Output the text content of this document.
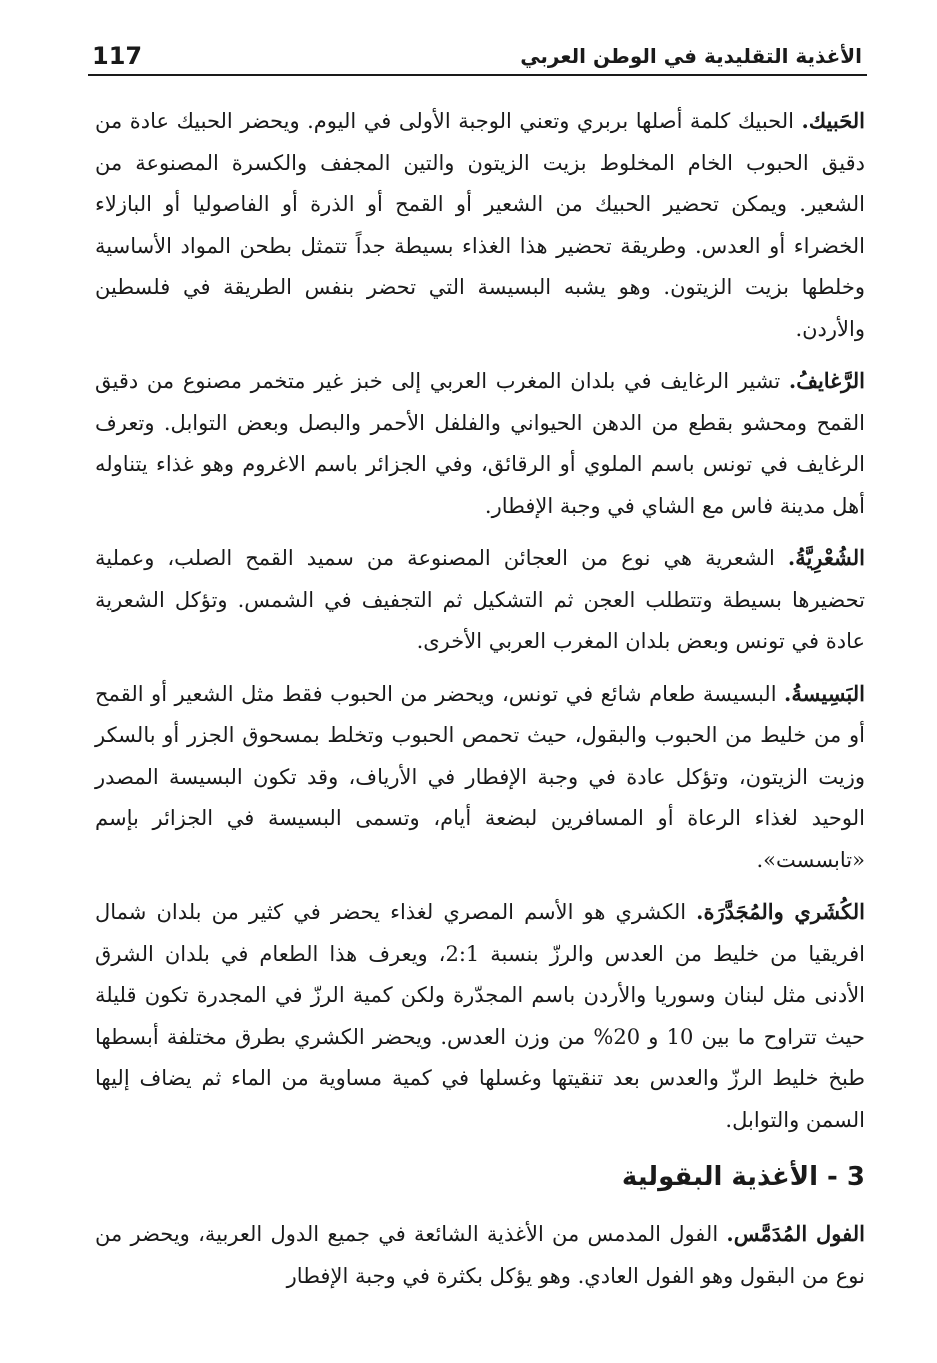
117	الأغذية التقليدية في الوطن العربي

الحَبيك. الحبيك كلمة أصلها بربري وتعني الوجبة الأولى في اليوم. ويحضر الحبيك عادة من دقيق الحبوب الخام المخلوط بزيت الزيتون والتين المجفف والكسرة المصنوعة من الشعير. ويمكن تحضير الحبيك من الشعير أو القمح أو الذرة أو الفاصوليا أو البازلاء الخضراء أو العدس. وطريقة تحضير هذا الغذاء بسيطة جداً تتمثل بطحن المواد الأساسية وخلطها بزيت الزيتون. وهو يشبه البسيسة التي تحضر بنفس الطريقة في فلسطين والأردن.

الرَّغايفُ. تشير الرغايف في بلدان المغرب العربي إلى خبز غير متخمر مصنوع من دقيق القمح ومحشو بقطع من الدهن الحيواني والفلفل الأحمر والبصل وبعض التوابل. وتعرف الرغايف في تونس باسم الملوي أو الرقائق، وفي الجزائر باسم الاغروم وهو غذاء يتناوله أهل مدينة فاس مع الشاي في وجبة الإفطار.

الشُعْرِيَّةُ. الشعرية هي نوع من العجائن المصنوعة من سميد القمح الصلب، وعملية تحضيرها بسيطة وتتطلب العجن ثم التشكيل ثم التجفيف في الشمس. وتؤكل الشعرية عادة في تونس وبعض بلدان المغرب العربي الأخرى.

البَسِيسةُ. البسيسة طعام شائع في تونس، ويحضر من الحبوب فقط مثل الشعير أو القمح أو من خليط من الحبوب والبقول، حيث تحمص الحبوب وتخلط بمسحوق الجزر أو بالسكر وزيت الزيتون، وتؤكل عادة في وجبة الإفطار في الأرياف، وقد تكون البسيسة المصدر الوحيد لغذاء الرعاة أو المسافرين لبضعة أيام، وتسمى البسيسة في الجزائر بإسم «تابسست».

الكُشَري والمُجَدَّرَة. الكشري هو الأسم المصري لغذاء يحضر في كثير من بلدان شمال افريقيا من خليط من العدس والرزّ بنسبة 2:1، ويعرف هذا الطعام في بلدان الشرق الأدنى مثل لبنان وسوريا والأردن باسم المجدّرة ولكن كمية الرزّ في المجدرة تكون قليلة حيث تتراوح ما بين 10 و 20% من وزن العدس. ويحضر الكشري بطرق مختلفة أبسطها طبخ خليط الرزّ والعدس بعد تنقيتها وغسلها في كمية مساوية من الماء ثم يضاف إليها السمن والتوابل.

3 - الأغذية البقولية

الفول المُدَمَّس. الفول المدمس من الأغذية الشائعة في جميع الدول العربية، ويحضر من نوع من البقول وهو الفول العادي. وهو يؤكل بكثرة في وجبة الإفطار
